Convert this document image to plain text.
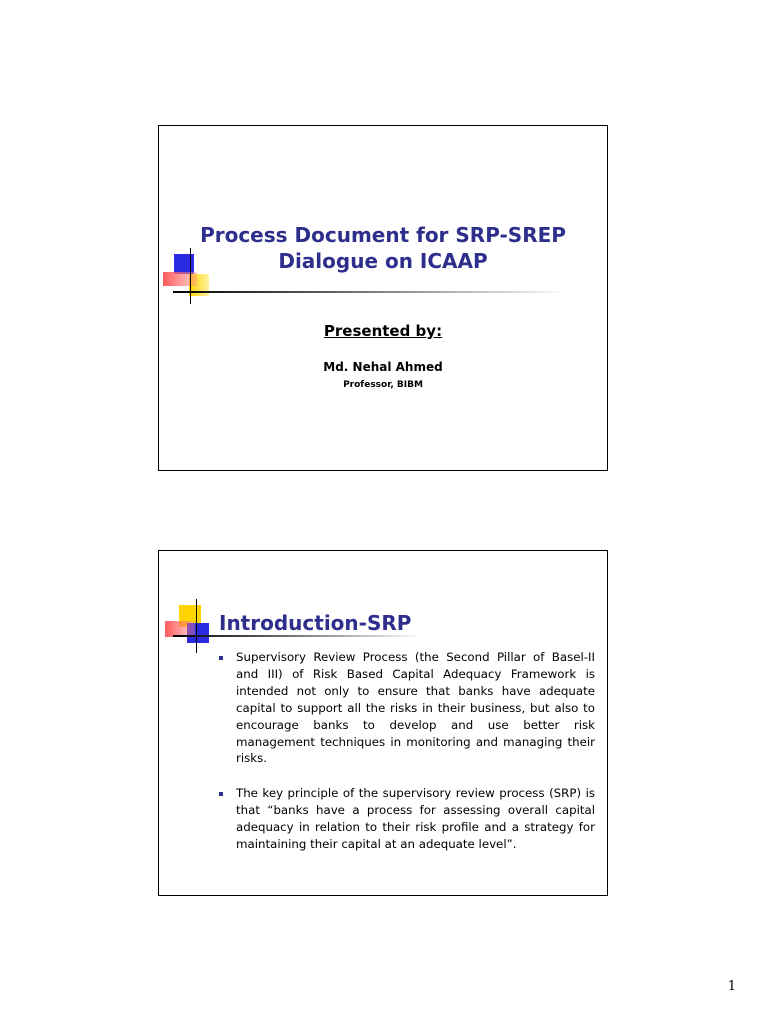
Process Document for SRP-SREP
Dialogue on ICAAP
Presented by:
Md. Nehal Ahmed
Professor, BIBM
Introduction-SRP
Supervisory Review Process (the Second Pillar of Basel-II and III) of Risk Based Capital Adequacy Framework is intended not only to ensure that banks have adequate capital to support all the risks in their business, but also to encourage banks to develop and use better risk management techniques in monitoring and managing their risks.
The key principle of the supervisory review process (SRP) is that “banks have a process for assessing overall capital adequacy in relation to their risk profile and a strategy for maintaining their capital at an adequate level”.
1
